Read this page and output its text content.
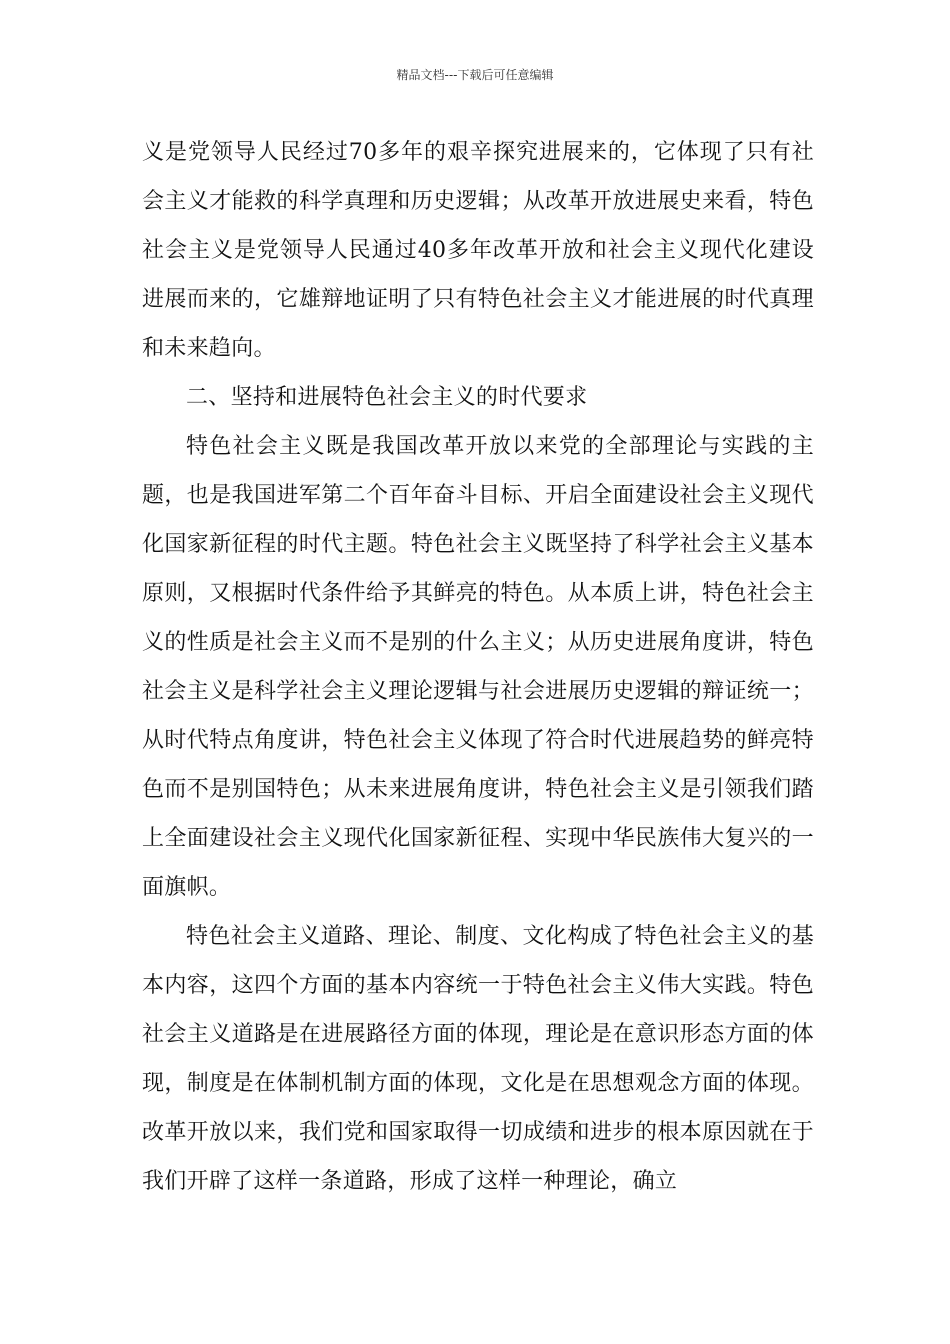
精品文档---下载后可任意编辑

义是党领导人民经过70多年的艰辛探究进展来的，它体现了只有社会主义才能救的科学真理和历史逻辑；从改革开放进展史来看，特色社会主义是党领导人民通过40多年改革开放和社会主义现代化建设进展而来的，它雄辩地证明了只有特色社会主义才能进展的时代真理和未来趋向。

二、坚持和进展特色社会主义的时代要求

特色社会主义既是我国改革开放以来党的全部理论与实践的主题，也是我国进军第二个百年奋斗目标、开启全面建设社会主义现代化国家新征程的时代主题。特色社会主义既坚持了科学社会主义基本原则，又根据时代条件给予其鲜亮的特色。从本质上讲，特色社会主义的性质是社会主义而不是别的什么主义；从历史进展角度讲，特色社会主义是科学社会主义理论逻辑与社会进展历史逻辑的辩证统一；从时代特点角度讲，特色社会主义体现了符合时代进展趋势的鲜亮特色而不是别国特色；从未来进展角度讲，特色社会主义是引领我们踏上全面建设社会主义现代化国家新征程、实现中华民族伟大复兴的一面旗帜。

特色社会主义道路、理论、制度、文化构成了特色社会主义的基本内容，这四个方面的基本内容统一于特色社会主义伟大实践。特色社会主义道路是在进展路径方面的体现，理论是在意识形态方面的体现，制度是在体制机制方面的体现，文化是在思想观念方面的体现。改革开放以来，我们党和国家取得一切成绩和进步的根本原因就在于我们开辟了这样一条道路，形成了这样一种理论，确立
